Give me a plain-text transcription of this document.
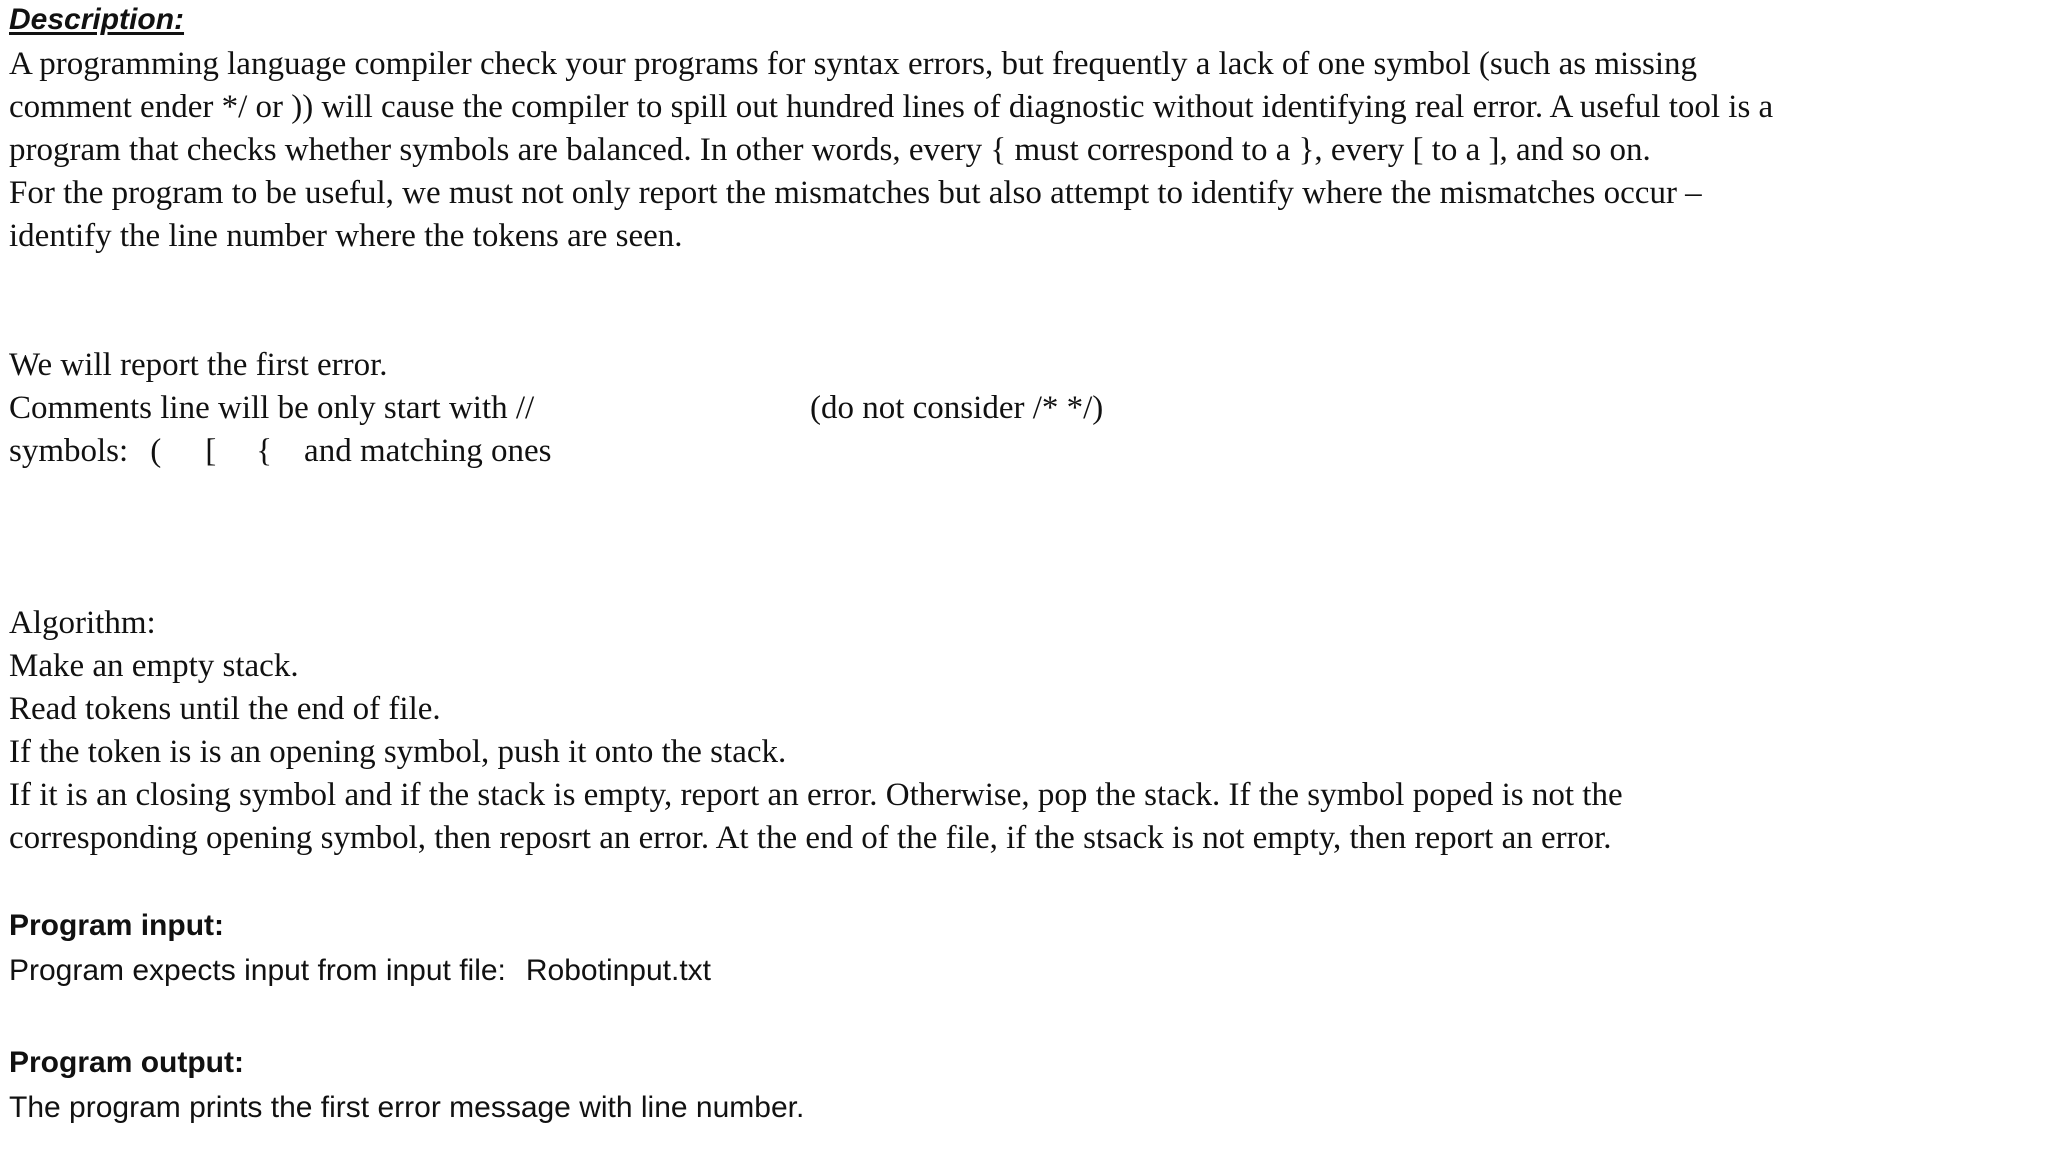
Description:
A programming language compiler check your programs for syntax errors, but frequently a lack of one symbol (such as missing
comment ender */ or )) will cause the compiler to spill out hundred lines of diagnostic without identifying real error. A useful tool is a
program that checks whether symbols are balanced. In other words, every { must correspond to a }, every [ to a ], and so on.
For the program to be useful, we must not only report the mismatches but also attempt to identify where the mismatches occur –
identify the line number where the tokens are seen.
We will report the first error.
Comments line will be only start with //	(do not consider /* */)
symbols: ( [ { and matching ones
Algorithm:
Make an empty stack.
Read tokens until the end of file.
If the token is is an opening symbol, push it onto the stack.
If it is an closing symbol and if the stack is empty, report an error. Otherwise, pop the stack. If the symbol poped is not the
corresponding opening symbol, then reposrt an error. At the end of the file, if the stsack is not empty, then report an error.
Program input:
Program expects input from input file: Robotinput.txt
Program output:
The program prints the first error message with line number.
